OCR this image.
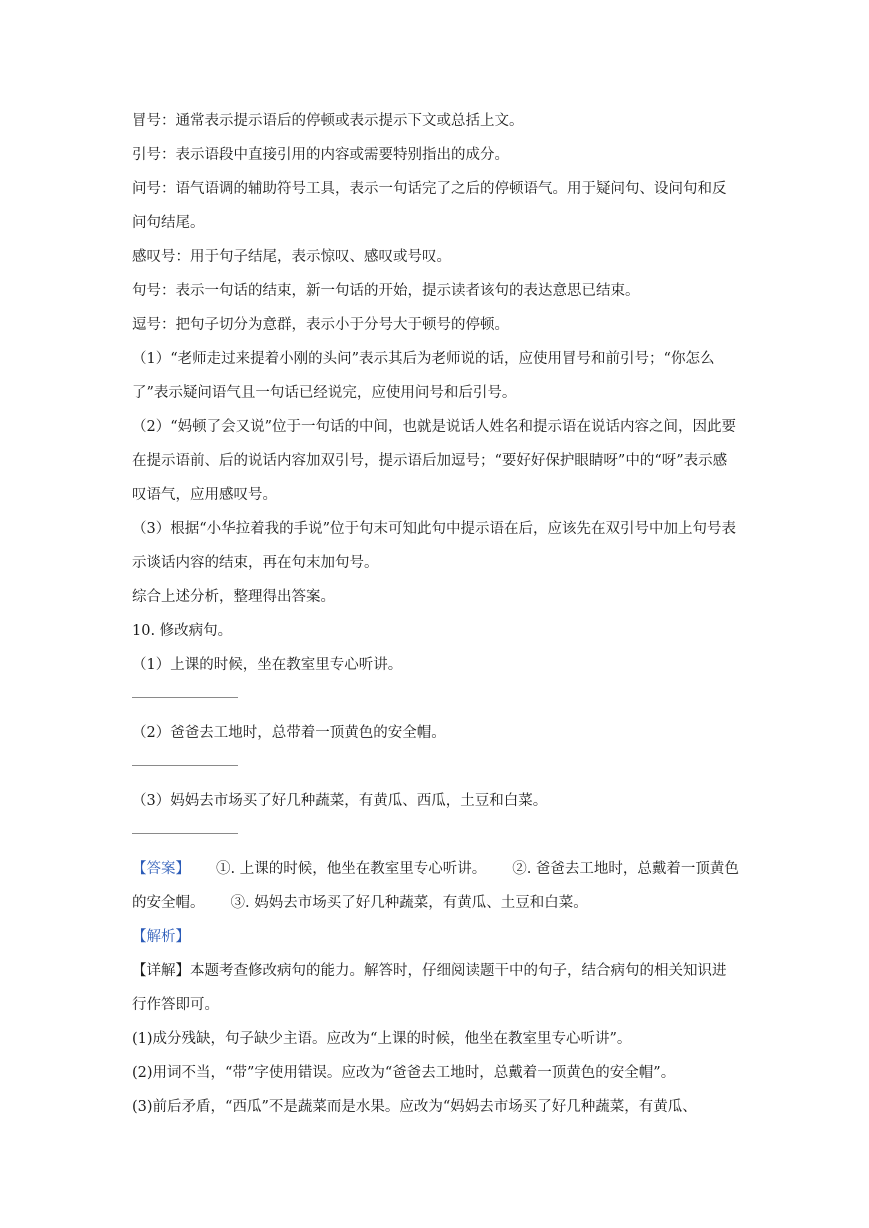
冒号：通常表示提示语后的停顿或表示提示下文或总括上文。

引号：表示语段中直接引用的内容或需要特别指出的成分。

问号：语气语调的辅助符号工具，表示一句话完了之后的停顿语气。用于疑问句、设问句和反问句结尾。

感叹号：用于句子结尾，表示惊叹、感叹或号叹。

句号：表示一句话的结束，新一句话的开始，提示读者该句的表达意思已结束。

逗号：把句子切分为意群，表示小于分号大于顿号的停顿。

（1）“老师走过来提着小刚的头问”表示其后为老师说的话，应使用冒号和前引号；“你怎么了”表示疑问语气且一句话已经说完，应使用问号和后引号。

（2）“妈顿了会又说”位于一句话的中间，也就是说话人姓名和提示语在说话内容之间，因此要在提示语前、后的说话内容加双引号，提示语后加逗号；“要好好保护眼睛呀”中的“呀”表示感叹语气，应用感叹号。

（3）根据“小华拉着我的手说”位于句末可知此句中提示语在后，应该先在双引号中加上句号表示谈话内容的结束，再在句末加句号。

综合上述分析，整理得出答案。

10. 修改病句。

（1）上课的时候，坐在教室里专心听讲。

（2）爸爸去工地时，总带着一顶黄色的安全帽。

（3）妈妈去市场买了好几种蔬菜，有黄瓜、西瓜，土豆和白菜。

【答案】 ①. 上课的时候，他坐在教室里专心听讲。 ②. 爸爸去工地时，总戴着一顶黄色的安全帽。 ③. 妈妈去市场买了好几种蔬菜，有黄瓜、土豆和白菜。

【解析】

【详解】本题考查修改病句的能力。解答时，仔细阅读题干中的句子，结合病句的相关知识进行作答即可。

(1)成分残缺，句子缺少主语。应改为“上课的时候，他坐在教室里专心听讲”。

(2)用词不当，“带”字使用错误。应改为“爸爸去工地时，总戴着一顶黄色的安全帽”。

(3)前后矛盾，“西瓜”不是蔬菜而是水果。应改为“妈妈去市场买了好几种蔬菜，有黄瓜、
